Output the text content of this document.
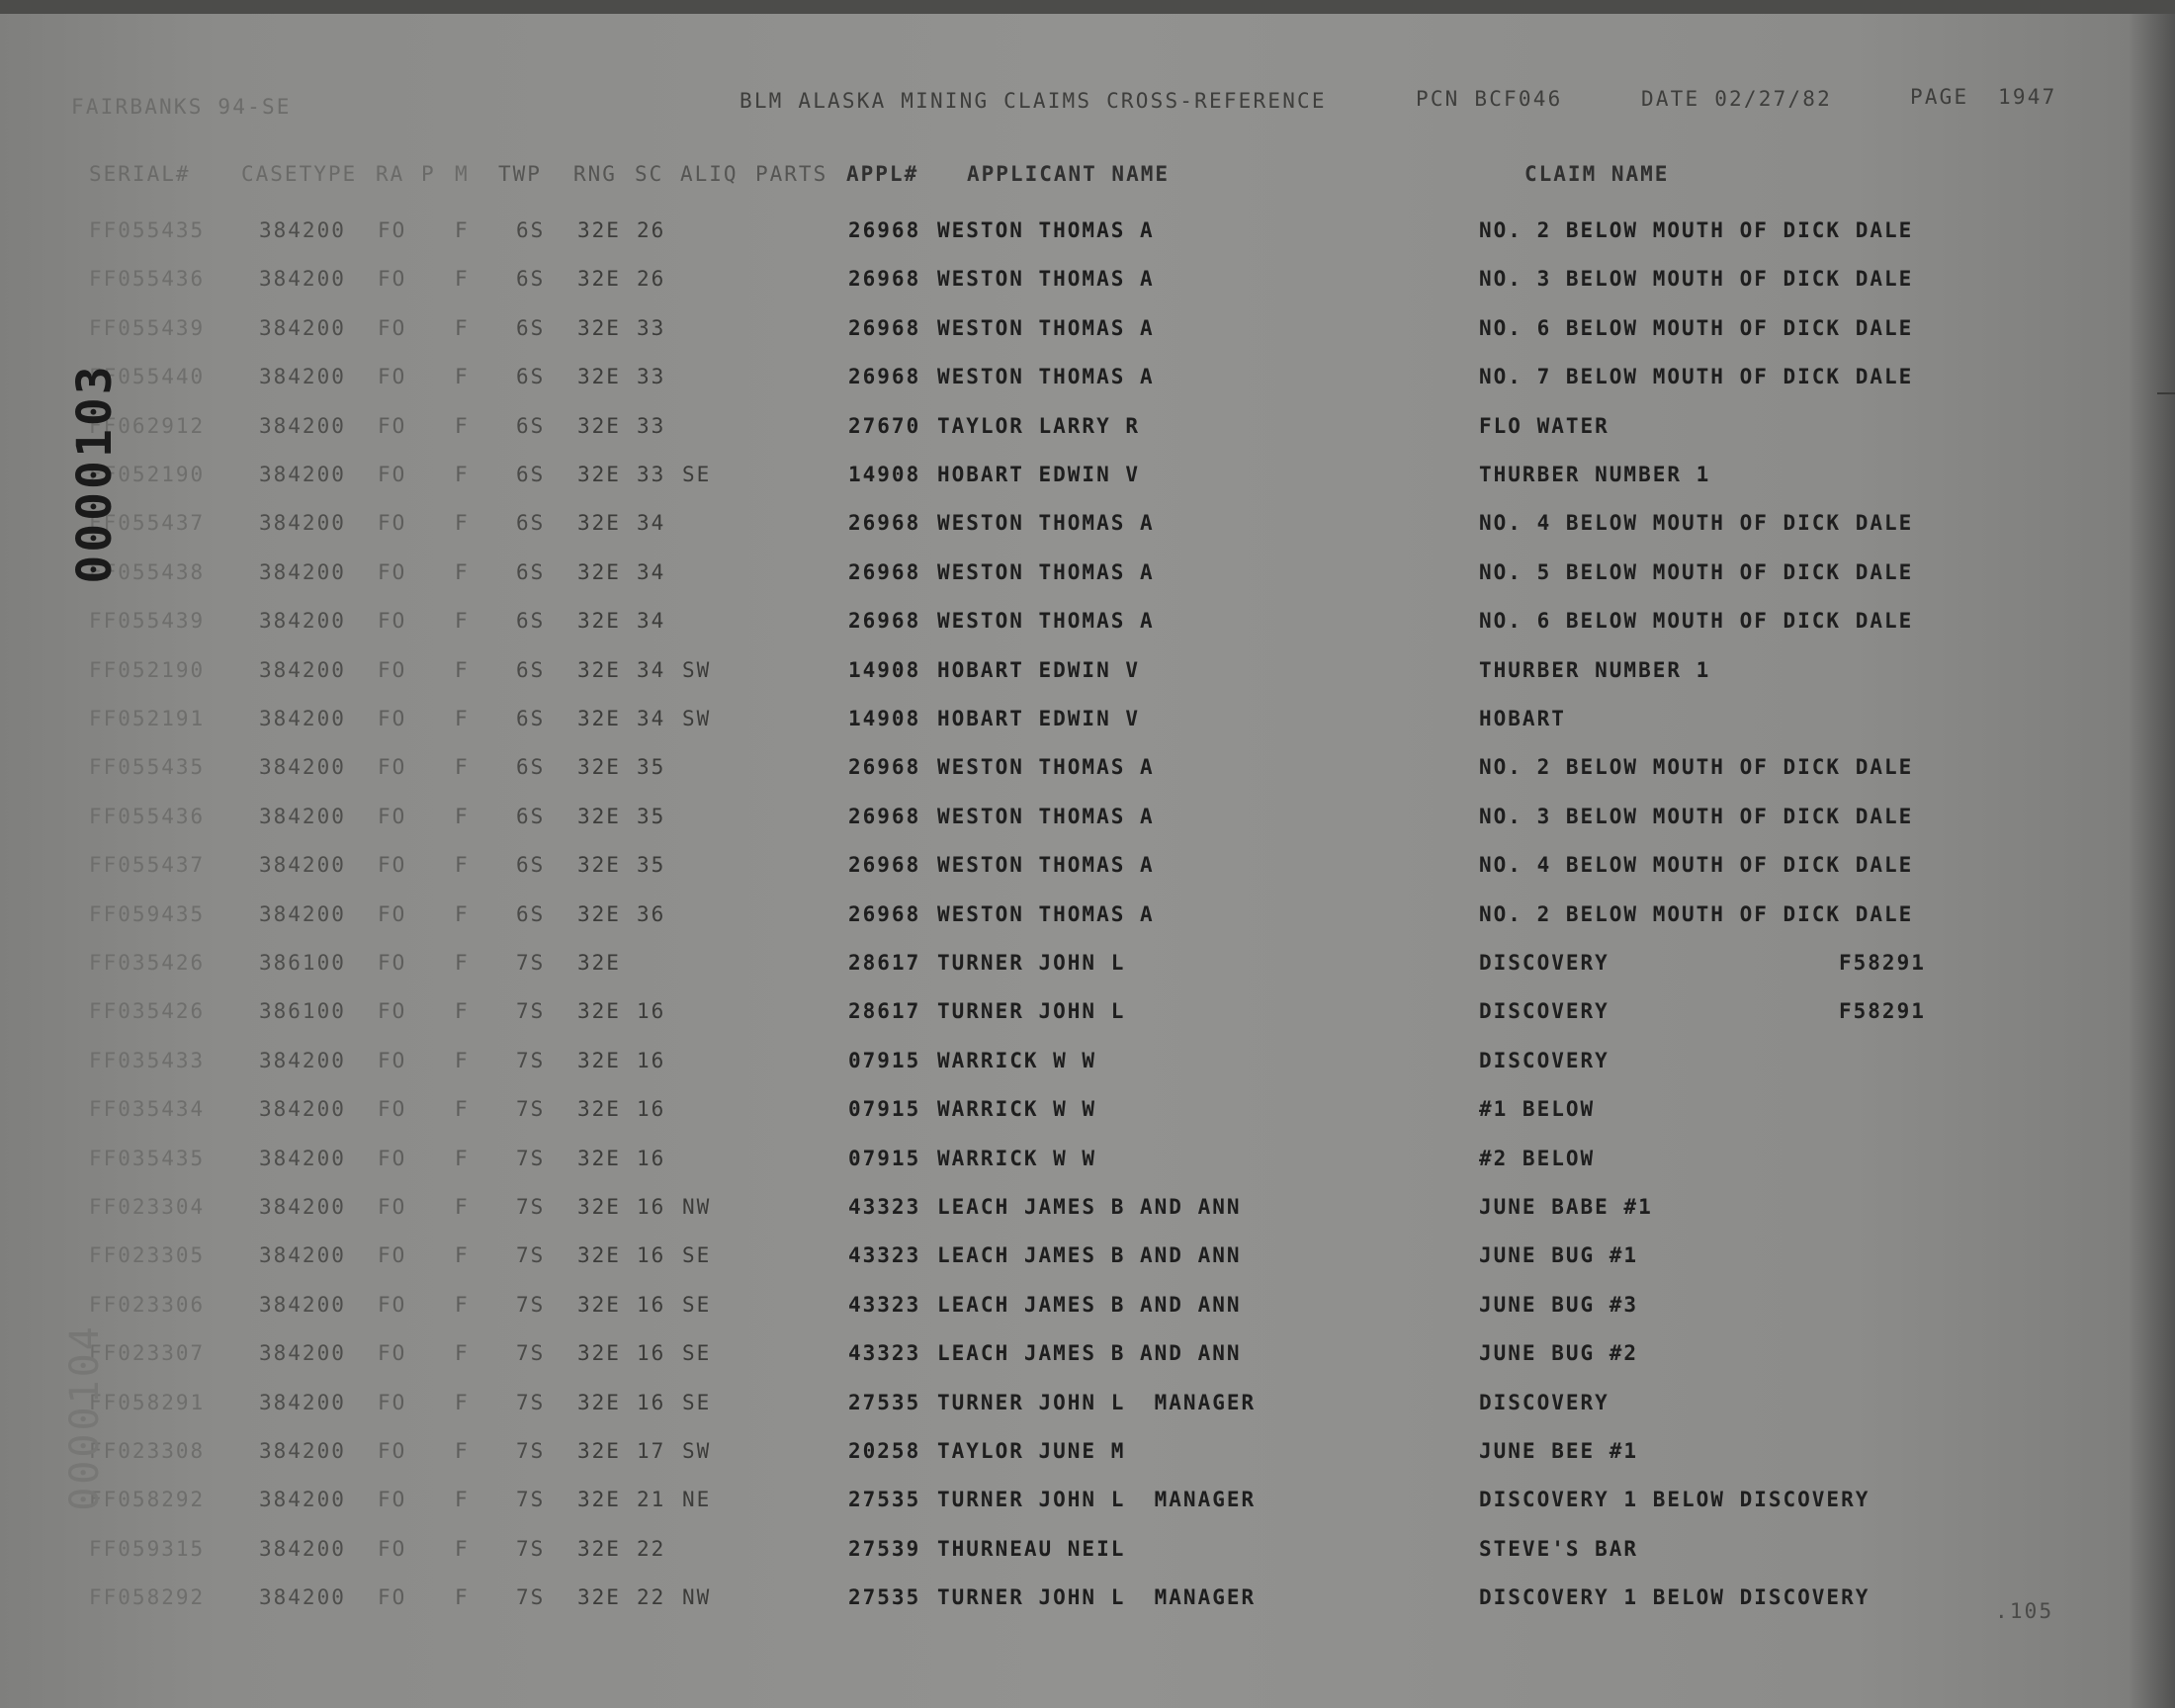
FAIRBANKS 94-SE	BLM ALASKA MINING CLAIMS CROSS-REFERENCE	PCN BCF046	DATE 02/27/82	PAGE  1947
SERIAL# CASETYPE RA P M TWP RNG SC ALIQ PARTS APPL# APPLICANT NAME	CLAIM NAME
FF055435	384200 FO F 6S 32E 26	26968 WESTON THOMAS A	NO. 2 BELOW MOUTH OF DICK DALE
FF055436	384200 FO F 6S 32E 26	26968 WESTON THOMAS A	NO. 3 BELOW MOUTH OF DICK DALE
FF055439	384200 FO F 6S 32E 33	26968 WESTON THOMAS A	NO. 6 BELOW MOUTH OF DICK DALE
FF055440	384200 FO F 6S 32E 33	26968 WESTON THOMAS A	NO. 7 BELOW MOUTH OF DICK DALE
FF062912	384200 FO F 6S 32E 33	27670 TAYLOR LARRY R	FLO WATER
FF052190	384200 FO F 6S 32E 33 SE	14908 HOBART EDWIN V	THURBER NUMBER 1
FF055437	384200 FO F 6S 32E 34	26968 WESTON THOMAS A	NO. 4 BELOW MOUTH OF DICK DALE
FF055438	384200 FO F 6S 32E 34	26968 WESTON THOMAS A	NO. 5 BELOW MOUTH OF DICK DALE
FF055439	384200 FO F 6S 32E 34	26968 WESTON THOMAS A	NO. 6 BELOW MOUTH OF DICK DALE
FF052190	384200 FO F 6S 32E 34 SW	14908 HOBART EDWIN V	THURBER NUMBER 1
FF052191	384200 FO F 6S 32E 34 SW	14908 HOBART EDWIN V	HOBART
FF055435	384200 FO F 6S 32E 35	26968 WESTON THOMAS A	NO. 2 BELOW MOUTH OF DICK DALE
FF055436	384200 FO F 6S 32E 35	26968 WESTON THOMAS A	NO. 3 BELOW MOUTH OF DICK DALE
FF055437	384200 FO F 6S 32E 35	26968 WESTON THOMAS A	NO. 4 BELOW MOUTH OF DICK DALE
FF059435	384200 FO F 6S 32E 36	26968 WESTON THOMAS A	NO. 2 BELOW MOUTH OF DICK DALE
FF035426	386100 FO F 7S 32E	28617 TURNER JOHN L	DISCOVERY	F58291
FF035426	386100 FO F 7S 32E 16	28617 TURNER JOHN L	DISCOVERY	F58291
FF035433	384200 FO F 7S 32E 16	07915 WARRICK W W	DISCOVERY
FF035434	384200 FO F 7S 32E 16	07915 WARRICK W W	#1 BELOW
FF035435	384200 FO F 7S 32E 16	07915 WARRICK W W	#2 BELOW
FF023304	384200 FO F 7S 32E 16 NW	43323 LEACH JAMES B AND ANN	JUNE BABE #1
FF023305	384200 FO F 7S 32E 16 SE	43323 LEACH JAMES B AND ANN	JUNE BUG #1
FF023306	384200 FO F 7S 32E 16 SE	43323 LEACH JAMES B AND ANN	JUNE BUG #3
FF023307	384200 FO F 7S 32E 16 SE	43323 LEACH JAMES B AND ANN	JUNE BUG #2
FF058291	384200 FO F 7S 32E 16 SE	27535 TURNER JOHN L  MANAGER	DISCOVERY
FF023308	384200 FO F 7S 32E 17 SW	20258 TAYLOR JUNE M	JUNE BEE #1
FF058292	384200 FO F 7S 32E 21 NE	27535 TURNER JOHN L  MANAGER	DISCOVERY 1 BELOW DISCOVERY
FF059315	384200 FO F 7S 32E 22	27539 THURNEAU NEIL	STEVE'S BAR
FF058292	384200 FO F 7S 32E 22 NW	27535 TURNER JOHN L  MANAGER	DISCOVERY 1 BELOW DISCOVERY
0000103
0000104
.105
